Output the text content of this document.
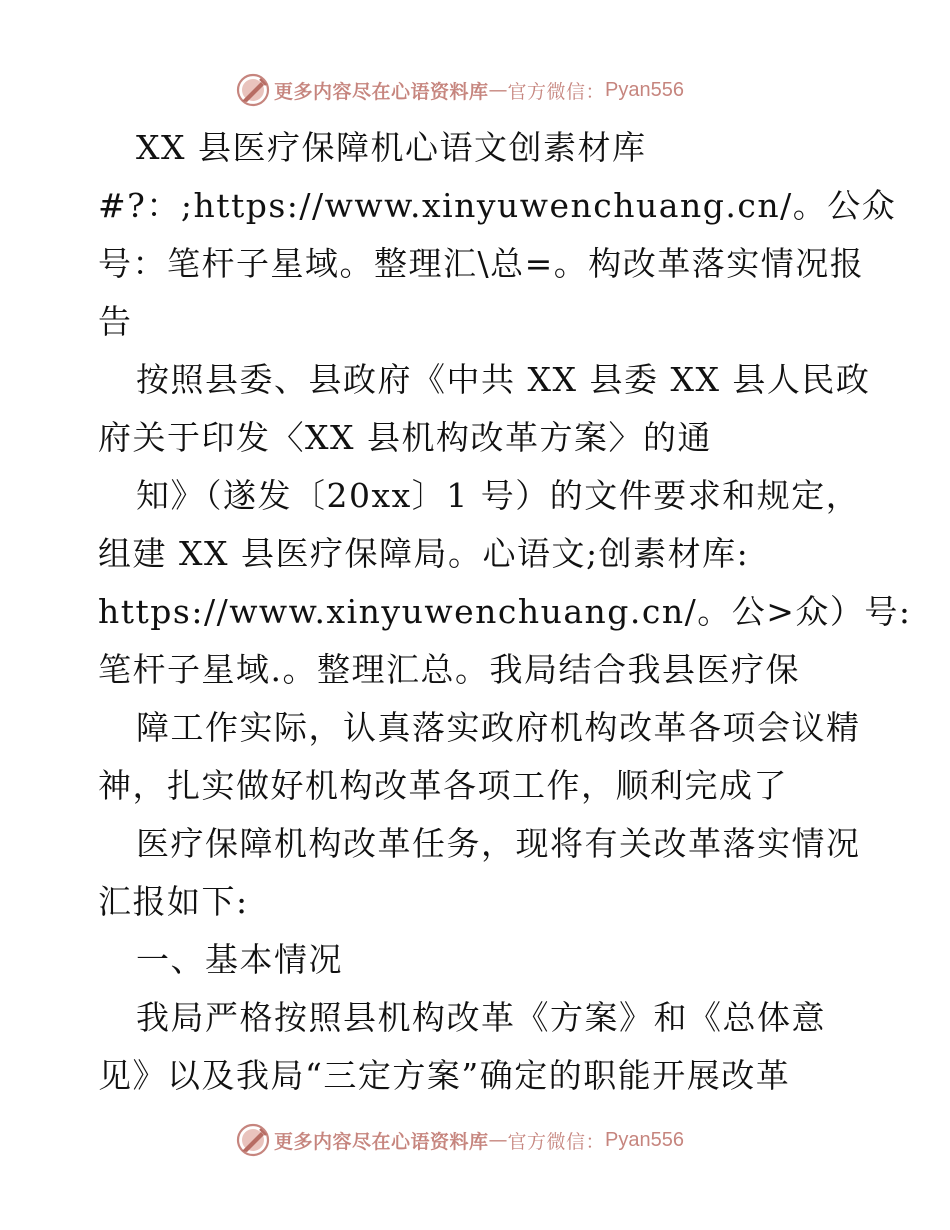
更多内容尽在心语资料库 — 官方微信： Pyan556
XX 县医疗保障机心语文创素材库
#?：;https://www.xinyuwenchuang.cn/。公众
号：笔杆子星域。整理汇\总=。构改革落实情况报
告
按照县委、县政府《中共 XX 县委 XX 县人民政
府关于印发〈XX 县机构改革方案〉的通
知》（遂发〔20xx〕1 号）的文件要求和规定，
组建 XX 县医疗保障局。心语文;创素材库:
https://www.xinyuwenchuang.cn/。公>众）号:
笔杆子星域.。整理汇总。我局结合我县医疗保
障工作实际，认真落实政府机构改革各项会议精
神，扎实做好机构改革各项工作，顺利完成了
医疗保障机构改革任务，现将有关改革落实情况
汇报如下:
一、基本情况
我局严格按照县机构改革《方案》和《总体意
见》以及我局“三定方案”确定的职能开展改革
更多内容尽在心语资料库 — 官方微信： Pyan556
